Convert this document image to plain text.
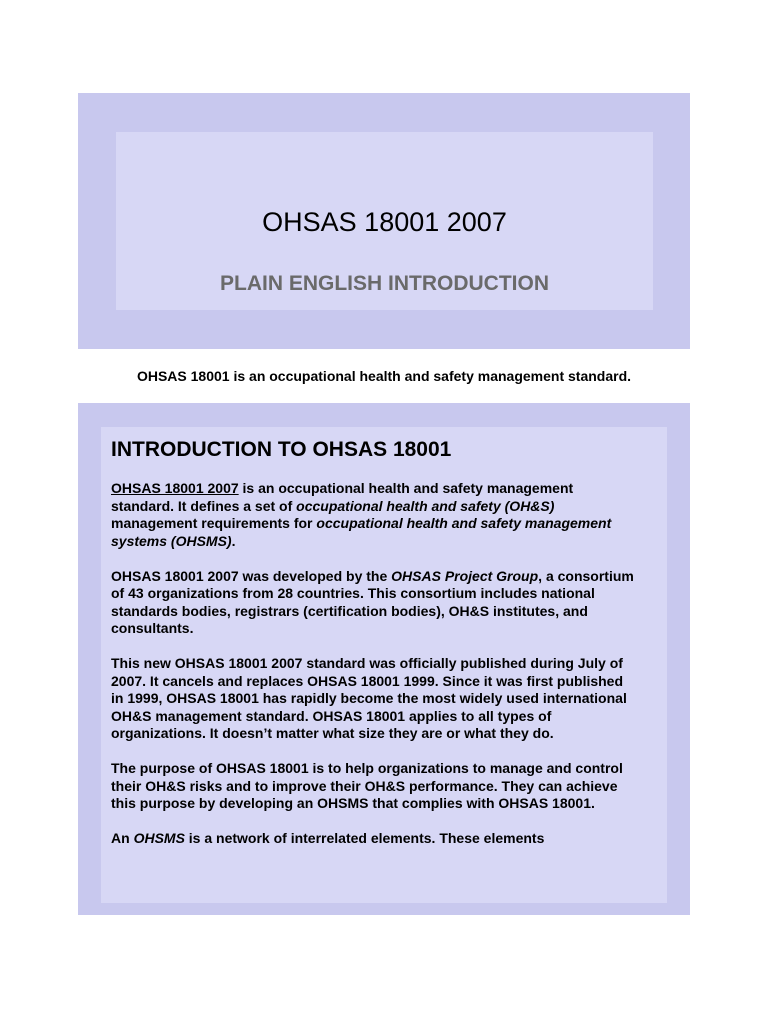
OHSAS 18001 2007
PLAIN ENGLISH INTRODUCTION
OHSAS 18001 is an occupational health and safety management standard.
INTRODUCTION TO OHSAS 18001

OHSAS 18001 2007 is an occupational health and safety management standard. It defines a set of occupational health and safety (OH&S) management requirements for occupational health and safety management systems (OHSMS).

OHSAS 18001 2007 was developed by the OHSAS Project Group, a consortium of 43 organizations from 28 countries. This consortium includes national standards bodies, registrars (certification bodies), OH&S institutes, and consultants.

This new OHSAS 18001 2007 standard was officially published during July of 2007. It cancels and replaces OHSAS 18001 1999. Since it was first published in 1999, OHSAS 18001 has rapidly become the most widely used international OH&S management standard. OHSAS 18001 applies to all types of organizations. It doesn’t matter what size they are or what they do.

The purpose of OHSAS 18001 is to help organizations to manage and control their OH&S risks and to improve their OH&S performance. They can achieve this purpose by developing an OHSMS that complies with OHSAS 18001.

An OHSMS is a network of interrelated elements. These elements
